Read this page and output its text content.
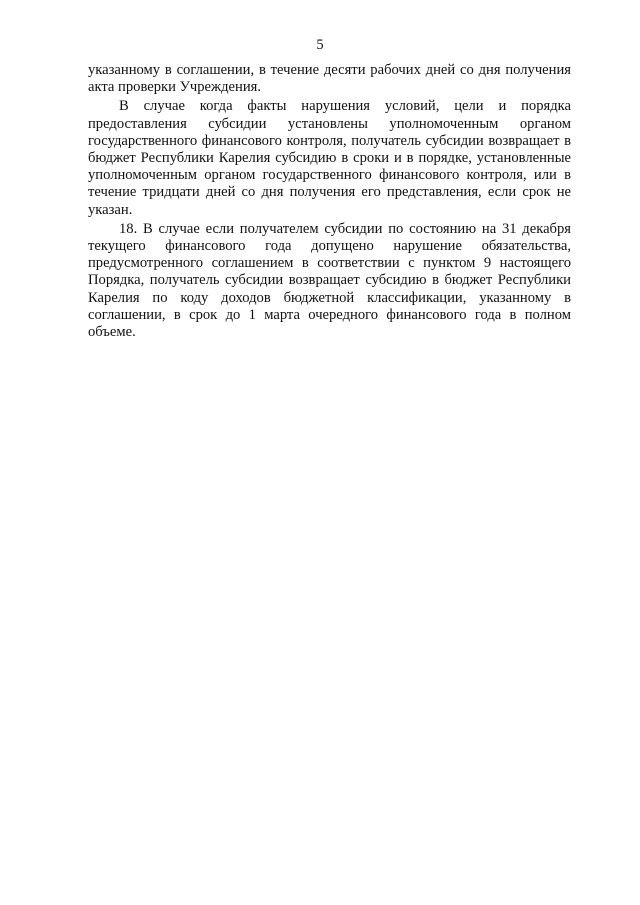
5

указанному в соглашении, в течение десяти рабочих дней со дня получения акта проверки Учреждения.

В случае когда факты нарушения условий, цели и порядка предоставления субсидии установлены уполномоченным органом государственного финансового контроля, получатель субсидии возвращает в бюджет Республики Карелия субсидию в сроки и в порядке, установленные уполномоченным органом государственного финансового контроля, или в течение тридцати дней со дня получения его представления, если срок не указан.

18. В случае если получателем субсидии по состоянию на 31 декабря текущего финансового года допущено нарушение обязательства, предусмотренного соглашением в соответствии с пунктом 9 настоящего Порядка, получатель субсидии возвращает субсидию в бюджет Республики Карелия по коду доходов бюджетной классификации, указанному в соглашении, в срок до 1 марта очередного финансового года в полном объеме.
